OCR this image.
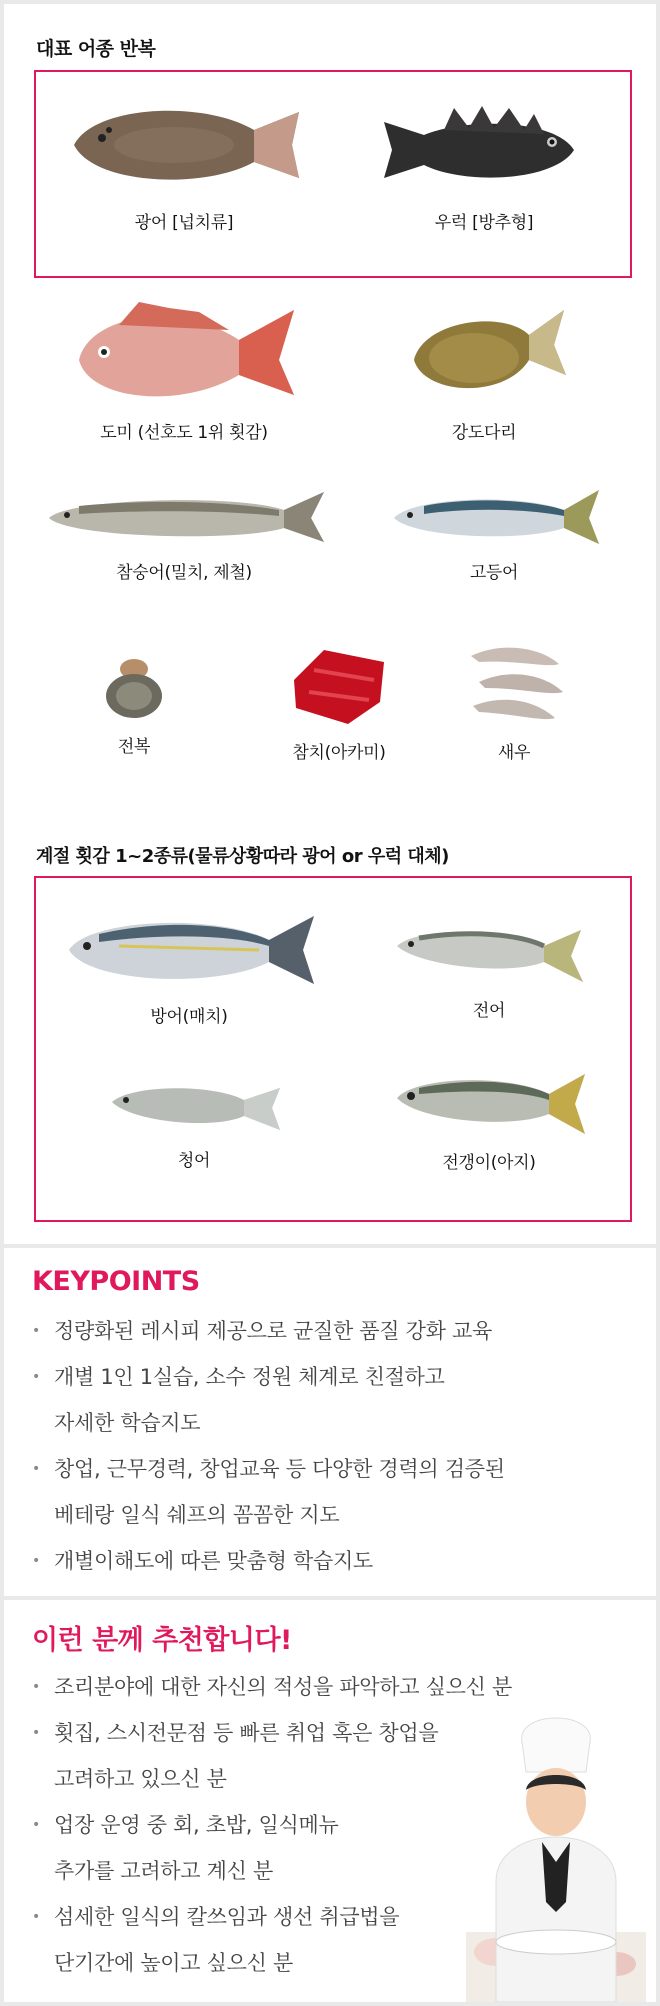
대표 어종 반복
광어 [넙치류]	우럭 [방추형]
도미 (선호도 1위 횟감)	강도다리
참숭어(밀치, 제철)	고등어
전복	참치(아카미)	새우
계절 횟감 1~2종류(물류상황따라 광어 or 우럭 대체)
방어(매치)	전어
청어	전갱이(아지)
KEYPOINTS
• 정량화된 레시피 제공으로 균질한 품질 강화 교육
• 개별 1인 1실습, 소수 정원 체계로 친절하고
자세한 학습지도
• 창업, 근무경력, 창업교육 등 다양한 경력의 검증된
베테랑 일식 쉐프의 꼼꼼한 지도
• 개별이해도에 따른 맞춤형 학습지도
이런 분께 추천합니다!
• 조리분야에 대한 자신의 적성을 파악하고 싶으신 분
• 횟집, 스시전문점 등 빠른 취업 혹은 창업을
고려하고 있으신 분
• 업장 운영 중 회, 초밥, 일식메뉴
추가를 고려하고 계신 분
• 섬세한 일식의 칼쓰임과 생선 취급법을
단기간에 높이고 싶으신 분
